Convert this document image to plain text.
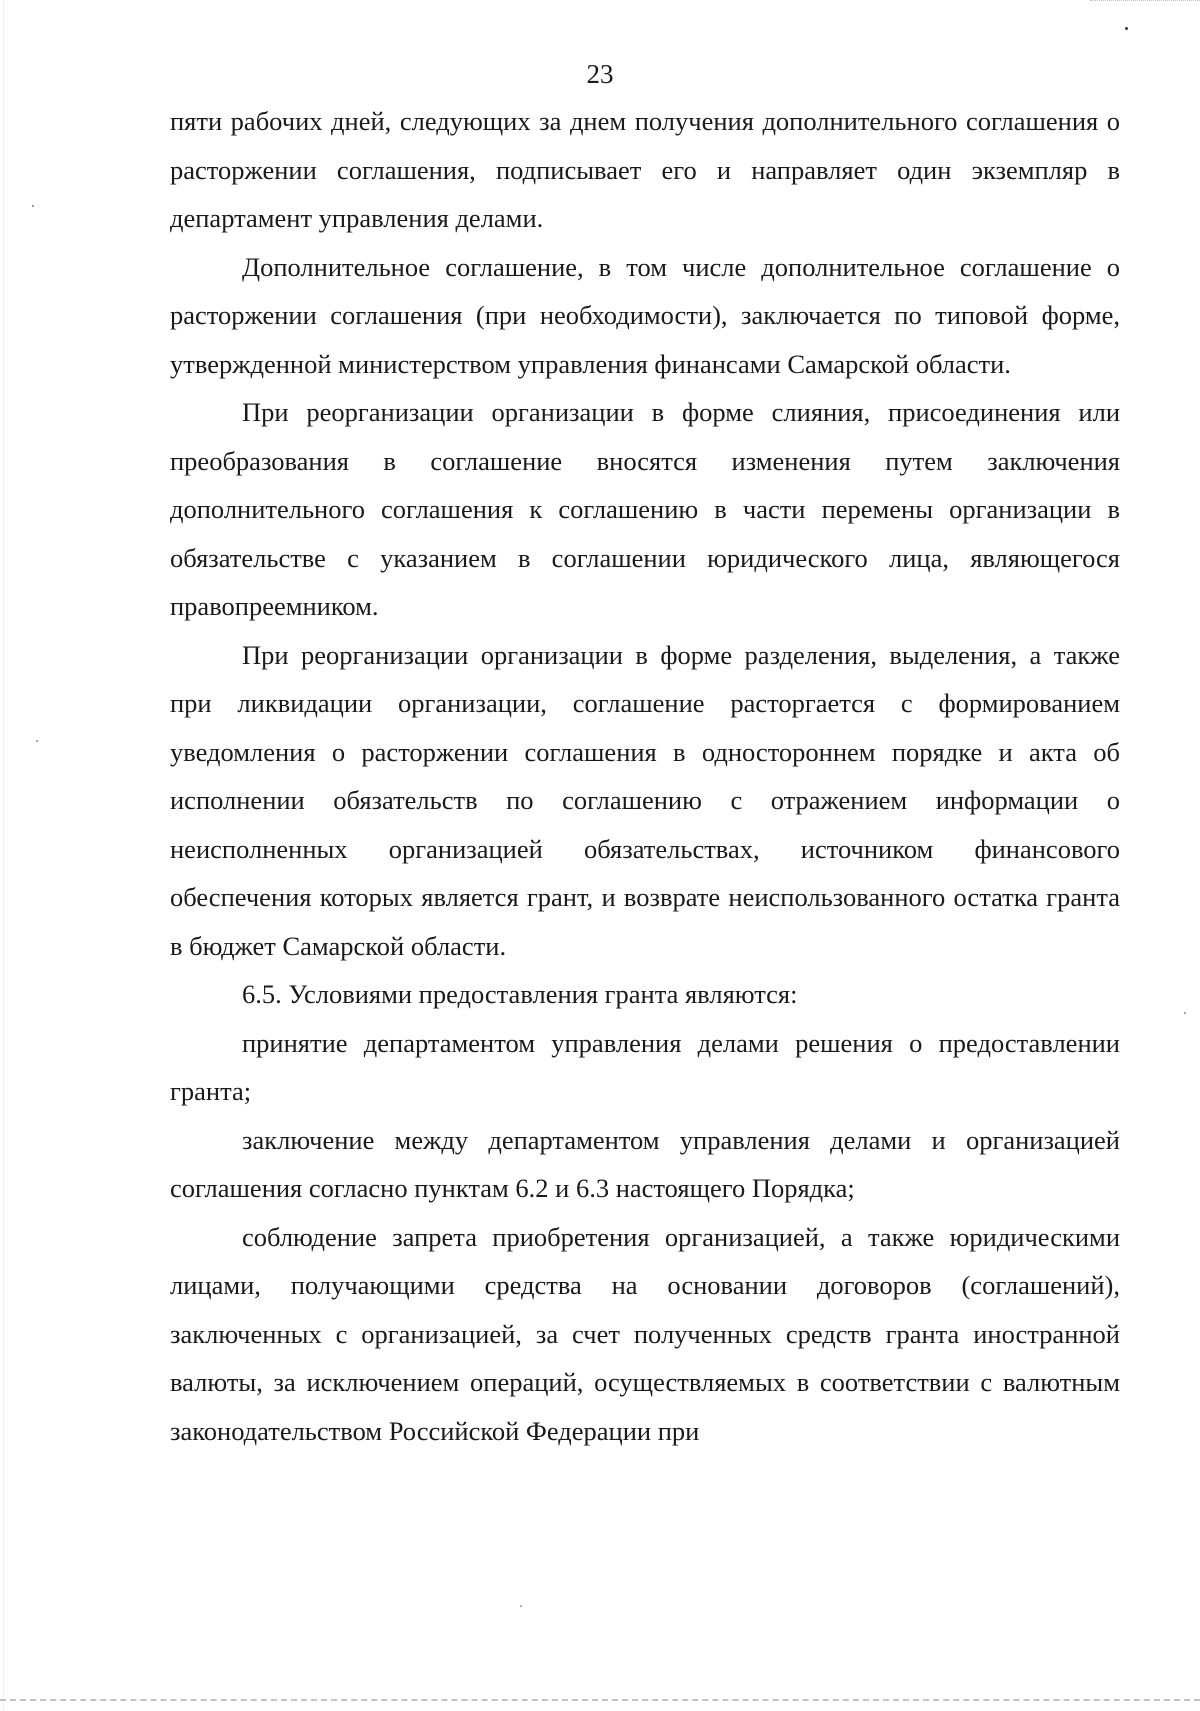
23

пяти рабочих дней, следующих за днем получения дополнительного соглашения о расторжении соглашения, подписывает его и направляет один экземпляр в департамент управления делами.

Дополнительное соглашение, в том числе дополнительное соглашение о расторжении соглашения (при необходимости), заключается по типовой форме, утвержденной министерством управления финансами Самарской области.

При реорганизации организации в форме слияния, присоединения или преобразования в соглашение вносятся изменения путем заключения дополнительного соглашения к соглашению в части перемены организации в обязательстве с указанием в соглашении юридического лица, являющегося правопреемником.

При реорганизации организации в форме разделения, выделения, а также при ликвидации организации, соглашение расторгается с формированием уведомления о расторжении соглашения в одностороннем порядке и акта об исполнении обязательств по соглашению с отражением информации о неисполненных организацией обязательствах, источником финансового обеспечения которых является грант, и возврате неиспользованного остатка гранта в бюджет Самарской области.

6.5. Условиями предоставления гранта являются:

принятие департаментом управления делами решения о предоставлении гранта;

заключение между департаментом управления делами и организацией соглашения согласно пунктам 6.2 и 6.3 настоящего Порядка;

соблюдение запрета приобретения организацией, а также юридическими лицами, получающими средства на основании договоров (соглашений), заключенных с организацией, за счет полученных средств гранта иностранной валюты, за исключением операций, осуществляемых в соответствии с валютным законодательством Российской Федерации при
